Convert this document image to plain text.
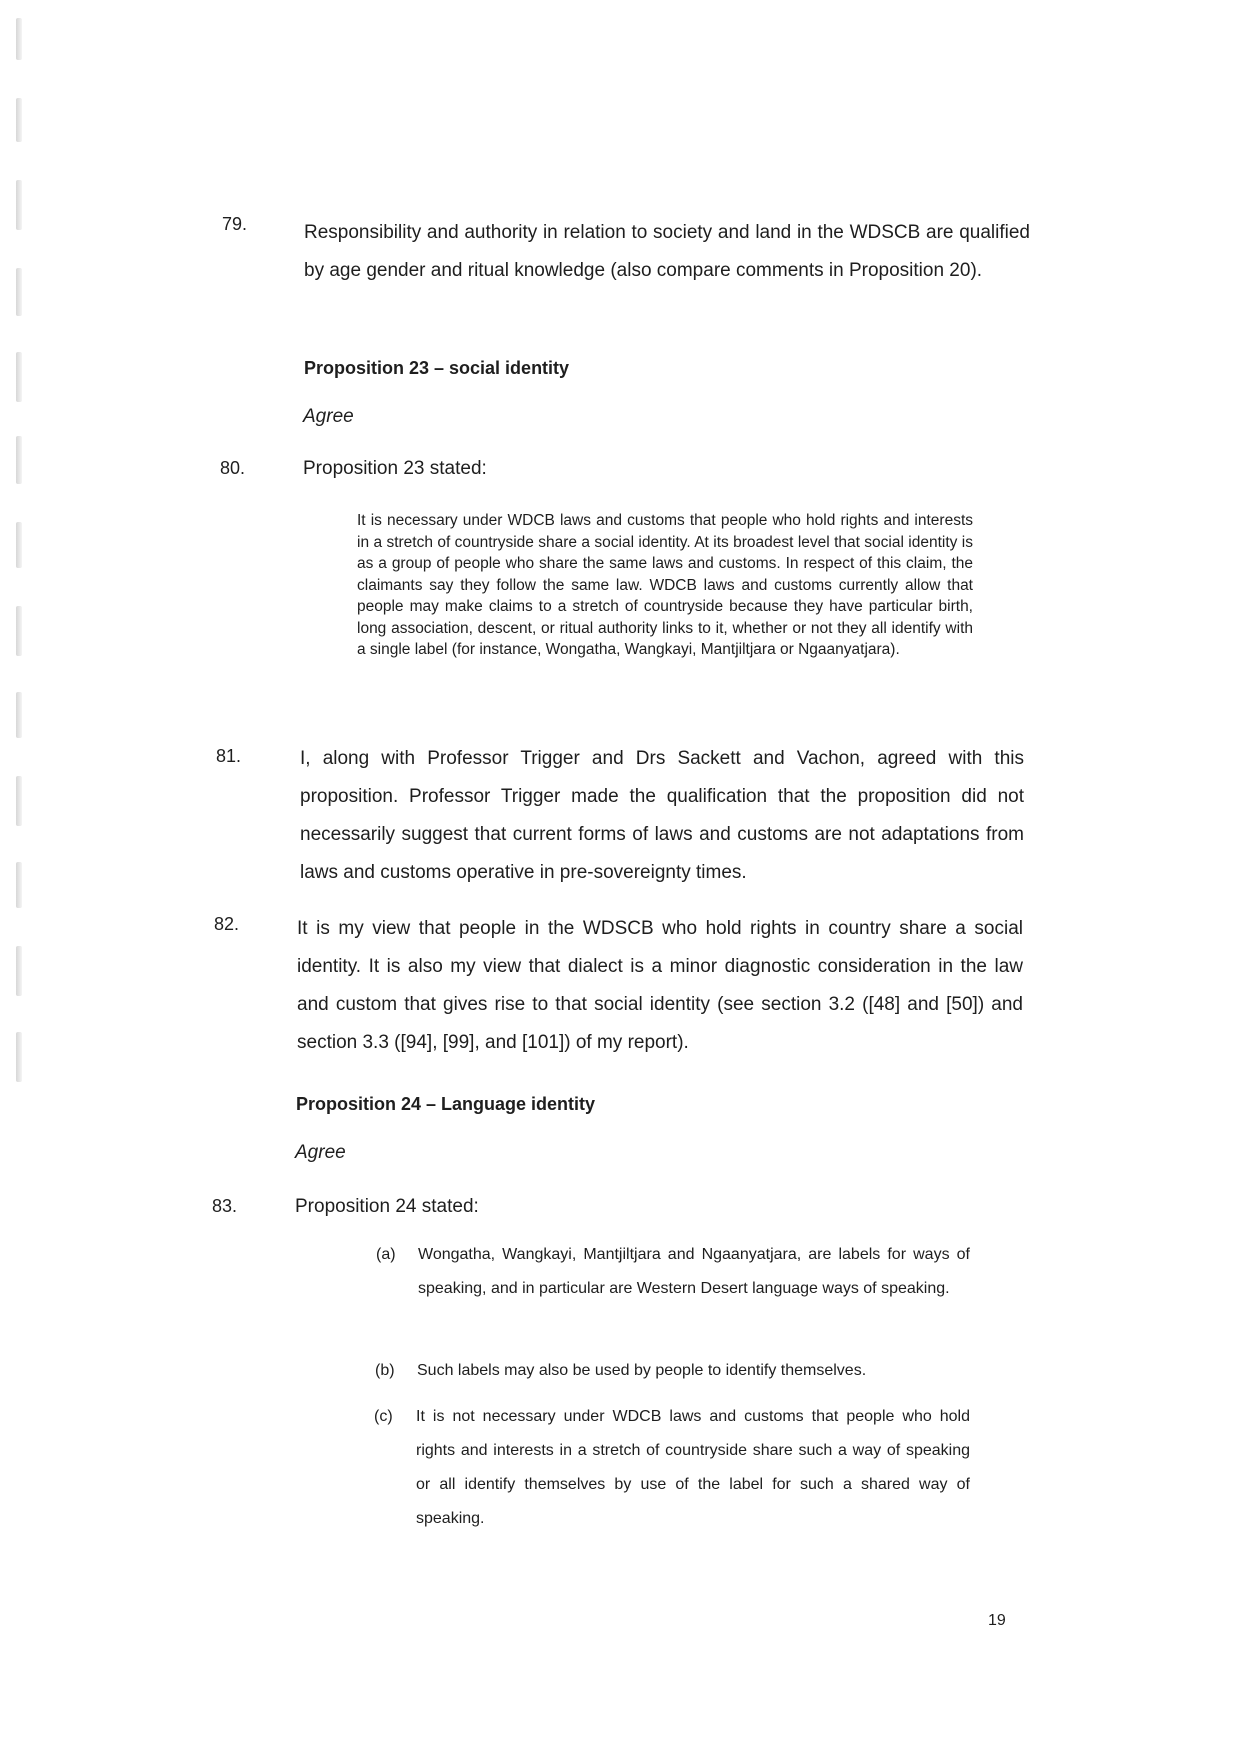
79.	Responsibility and authority in relation to society and land in the WDSCB are qualified by age gender and ritual knowledge (also compare comments in Proposition 20).
Proposition 23 – social identity
Agree
80.	Proposition 23 stated:
It is necessary under WDCB laws and customs that people who hold rights and interests in a stretch of countryside share a social identity. At its broadest level that social identity is as a group of people who share the same laws and customs. In respect of this claim, the claimants say they follow the same law. WDCB laws and customs currently allow that people may make claims to a stretch of countryside because they have particular birth, long association, descent, or ritual authority links to it, whether or not they all identify with a single label (for instance, Wongatha, Wangkayi, Mantjiltjara or Ngaanyatjara).
81.	I, along with Professor Trigger and Drs Sackett and Vachon, agreed with this proposition. Professor Trigger made the qualification that the proposition did not necessarily suggest that current forms of laws and customs are not adaptations from laws and customs operative in pre-sovereignty times.
82.	It is my view that people in the WDSCB who hold rights in country share a social identity. It is also my view that dialect is a minor diagnostic consideration in the law and custom that gives rise to that social identity (see section 3.2 ([48] and [50]) and section 3.3 ([94], [99], and [101]) of my report).
Proposition 24 – Language identity
Agree
83.	Proposition 24 stated:
(a) Wongatha, Wangkayi, Mantjiltjara and Ngaanyatjara, are labels for ways of speaking, and in particular are Western Desert language ways of speaking.
(b) Such labels may also be used by people to identify themselves.
(c) It is not necessary under WDCB laws and customs that people who hold rights and interests in a stretch of countryside share such a way of speaking or all identify themselves by use of the label for such a shared way of speaking.
19
